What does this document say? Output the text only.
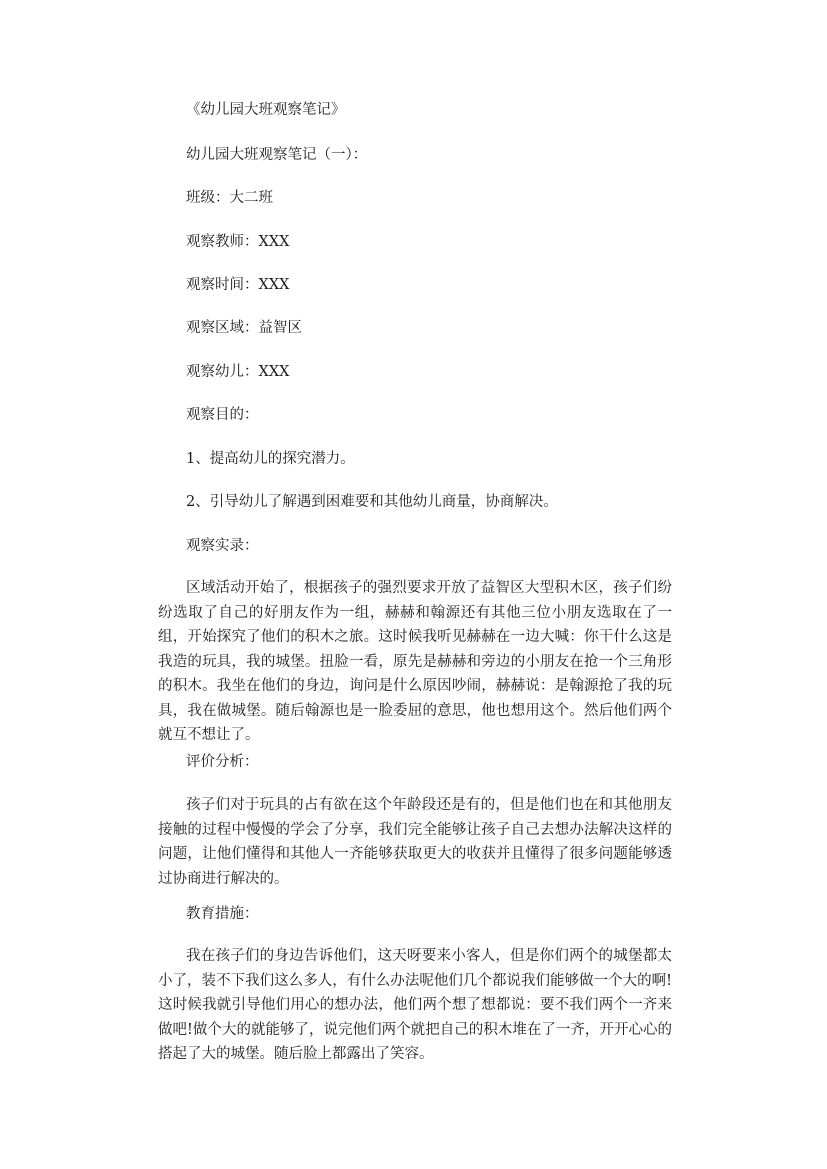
《幼儿园大班观察笔记》
幼儿园大班观察笔记（一）：
班级：大二班
观察教师：XXX
观察时间：XXX
观察区域：益智区
观察幼儿：XXX
观察目的：
1、提高幼儿的探究潜力。
2、引导幼儿了解遇到困难要和其他幼儿商量，协商解决。
观察实录：

区域活动开始了，根据孩子的强烈要求开放了益智区大型积木区，孩子们纷纷选取了自己的好朋友作为一组，赫赫和翰源还有其他三位小朋友选取在了一组，开始探究了他们的积木之旅。这时候我听见赫赫在一边大喊：你干什么这是我造的玩具，我的城堡。扭脸一看，原先是赫赫和旁边的小朋友在抢一个三角形的积木。我坐在他们的身边，询问是什么原因吵闹，赫赫说：是翰源抢了我的玩具，我在做城堡。随后翰源也是一脸委屈的意思，他也想用这个。然后他们两个就互不想让了。

评价分析：

孩子们对于玩具的占有欲在这个年龄段还是有的，但是他们也在和其他朋友接触的过程中慢慢的学会了分享，我们完全能够让孩子自己去想办法解决这样的问题，让他们懂得和其他人一齐能够获取更大的收获并且懂得了很多问题能够透过协商进行解决的。

教育措施：

我在孩子们的身边告诉他们，这天呀要来小客人，但是你们两个的城堡都太小了，装不下我们这么多人，有什么办法呢他们几个都说我们能够做一个大的啊!这时候我就引导他们用心的想办法，他们两个想了想都说：要不我们两个一齐来做吧!做个大的就能够了，说完他们两个就把自己的积木堆在了一齐，开开心心的搭起了大的城堡。随后脸上都露出了笑容。
